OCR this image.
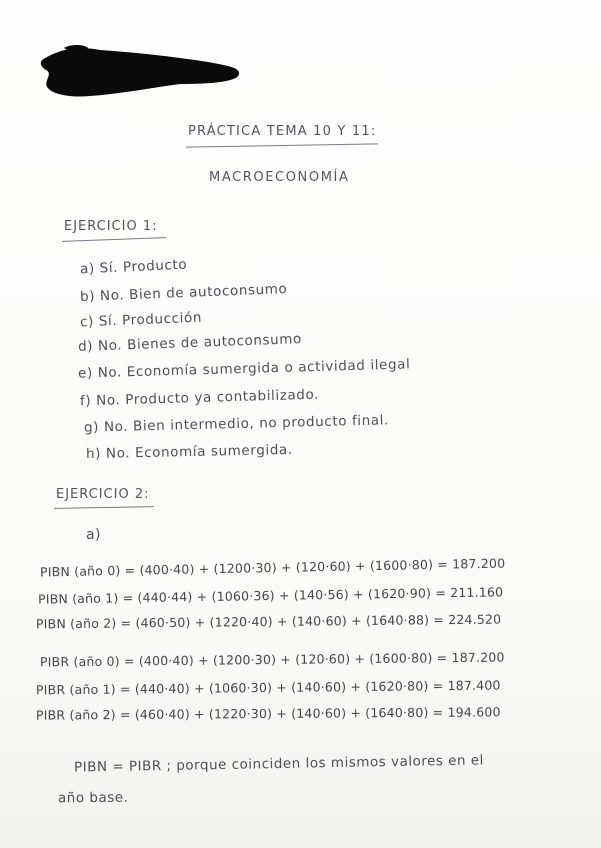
PRÁCTICA TEMA 10 Y 11:
MACROECONOMÍA
EJERCICIO 1:
a) Sí. Producto
b) No. Bien de autoconsumo
c) Sí. Producción
d) No. Bienes de autoconsumo
e) No. Economía sumergida o actividad ilegal
f) No. Producto ya contabilizado.
g) No. Bien intermedio, no producto final.
h) No. Economía sumergida.
EJERCICIO 2:
a)
PIBN (año 0) = (400·40) + (1200·30) + (120·60) + (1600·80) = 187.200
PIBN (año 1) = (440·44) + (1060·36) + (140·56) + (1620·90) = 211.160
PIBN (año 2) = (460·50) + (1220·40) + (140·60) + (1640·88) = 224.520
PIBR (año 0) = (400·40) + (1200·30) + (120·60) + (1600·80) = 187.200
PIBR (año 1) = (440·40) + (1060·30) + (140·60) + (1620·80) = 187.400
PIBR (año 2) = (460·40) + (1220·30) + (140·60) + (1640·80) = 194.600
PIBN = PIBR ; porque coinciden los mismos valores en el
año base.
